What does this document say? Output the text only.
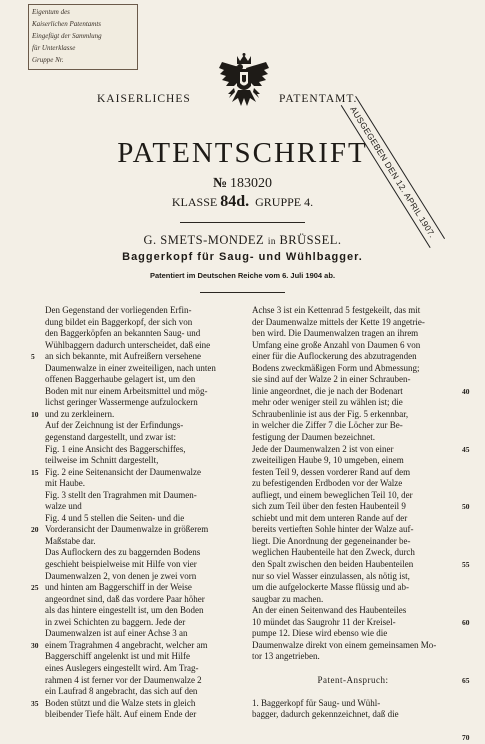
Eigentum des
Kaiserlichen Patentamts
Eingefügt der Sammlung
für Unterklasse
Gruppe Nr.
KAISERLICHES	PATENTAMT.
AUSGEGEBEN DEN 12. APRIL 1907.
PATENTSCHRIFT
№ 183020
KLASSE 84d. GRUPPE 4.
G. SMETS-MONDEZ in BRÜSSEL.
Baggerkopf für Saug- und Wühlbagger.
Patentiert im Deutschen Reiche vom 6. Juli 1904 ab.
Den Gegenstand der vorliegenden Erfin-
dung bildet ein Baggerkopf, der sich von
den Baggerköpfen an bekannten Saug- und
Wühlbaggern dadurch unterscheidet, daß eine
an sich bekannte, mit Aufreißern versehene
Daumenwalze in einer zweiteiligen, nach unten
offenen Baggerhaube gelagert ist, um den
Boden mit nur einem Arbeitsmittel und mög-
lichst geringer Wassermenge aufzulockern
und zu zerkleinern.
Auf der Zeichnung ist der Erfindungs-
gegenstand dargestellt, und zwar ist:
Fig. 1 eine Ansicht des Baggerschiffes,
teilweise im Schnitt dargestellt,
Fig. 2 eine Seitenansicht der Daumenwalze
mit Haube.
Fig. 3 stellt den Tragrahmen mit Daumen-
walze und
Fig. 4 und 5 stellen die Seiten- und die
Vorderansicht der Daumenwalze in größerem
Maßstabe dar.
Das Auflockern des zu baggernden Bodens
geschieht beispielweise mit Hilfe von vier
Daumenwalzen 2, von denen je zwei vorn
und hinten am Baggerschiff in der Weise
angeordnet sind, daß das vordere Paar höher
als das hintere eingestellt ist, um den Boden
in zwei Schichten zu baggern. Jede der
Daumenwalzen ist auf einer Achse 3 an
einem Tragrahmen 4 angebracht, welcher am
Baggerschiff angelenkt ist und mit Hilfe
eines Auslegers eingestellt wird. Am Trag-
rahmen 4 ist ferner vor der Daumenwalze 2
ein Laufrad 8 angebracht, das sich auf den
Boden stützt und die Walze stets in gleich
bleibender Tiefe hält. Auf einem Ende der
Achse 3 ist ein Kettenrad 5 festgekeilt, das mit
der Daumenwalze mittels der Kette 19 angetrie-
ben wird. Die Daumenwalzen tragen an ihrem
Umfang eine große Anzahl von Daumen 6 von
einer für die Auflockerung des abzutragenden
Bodens zweckmäßigen Form und Abmessung;
sie sind auf der Walze 2 in einer Schrauben-
linie angeordnet, die je nach der Bodenart
mehr oder weniger steil zu wählen ist; die
Schraubenlinie ist aus der Fig. 5 erkennbar,
in welcher die Ziffer 7 die Löcher zur Be-
festigung der Daumen bezeichnet.
Jede der Daumenwalzen 2 ist von einer
zweiteiligen Haube 9, 10 umgeben, einem
festen Teil 9, dessen vorderer Rand auf dem
zu befestigenden Erdboden vor der Walze
aufliegt, und einem beweglichen Teil 10, der
sich zum Teil über den festen Haubenteil 9
schiebt und mit dem unteren Rande auf der
bereits vertieften Sohle hinter der Walze auf-
liegt. Die Anordnung der gegeneinander be-
weglichen Haubenteile hat den Zweck, durch
den Spalt zwischen den beiden Haubenteilen
nur so viel Wasser einzulassen, als nötig ist,
um die aufgelockerte Masse flüssig und ab-
saugbar zu machen.
An der einen Seitenwand des Haubenteiles
10 mündet das Saugrohr 11 der Kreisel-
pumpe 12. Diese wird ebenso wie die
Daumenwalze direkt von einem gemeinsamen Mo-
tor 13 angetrieben.
Patent-Anspruch:
1. Baggerkopf für Saug- und Wühl-
bagger, dadurch gekennzeichnet, daß die
5
10
15
20
25
30
35
40
45
50
55
60
65
70
